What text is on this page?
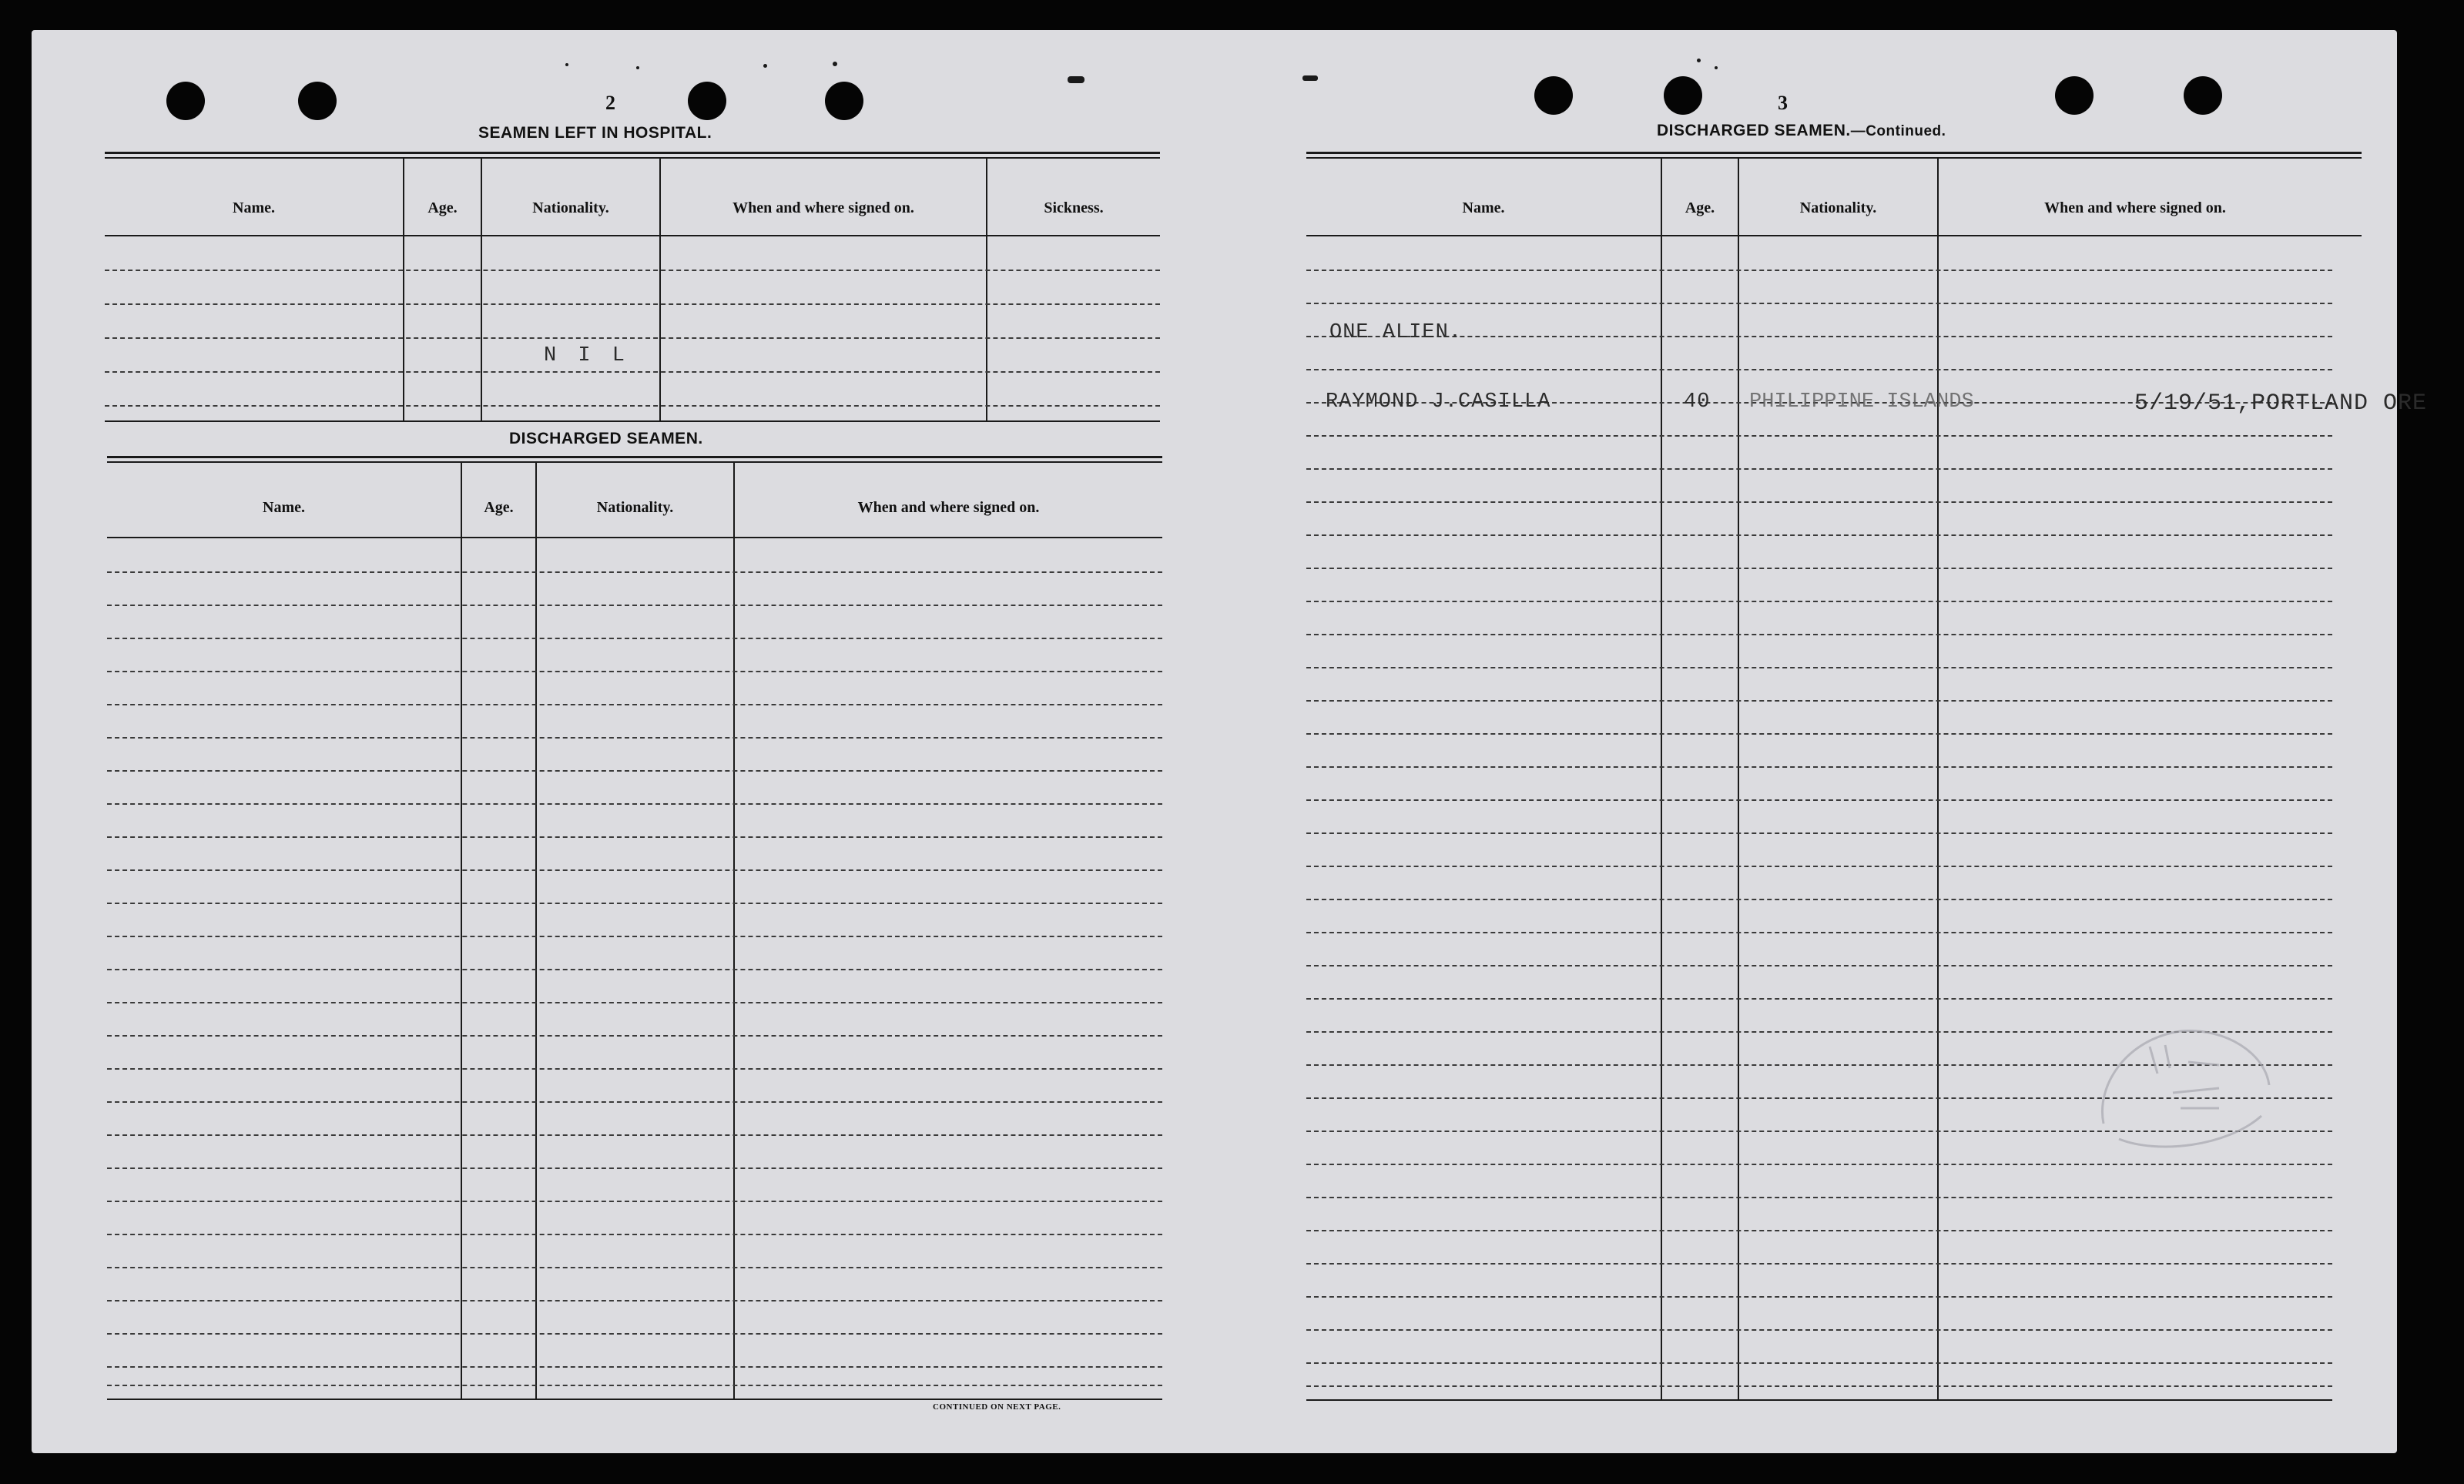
2
SEAMEN LEFT IN HOSPITAL.
Name.	Age.	Nationality.	When and where signed on.	Sickness.
N I L
DISCHARGED SEAMEN.
Name.	Age.	Nationality.	When and where signed on.
CONTINUED ON NEXT PAGE.
3
DISCHARGED SEAMEN.—Continued.
Name.	Age.	Nationality.	When and where signed on.
ONE ALIEN.
RAYMOND J.CASILLA	40 PHILIPPINE ISLANDS	5/19/51,PORTLAND ORE
